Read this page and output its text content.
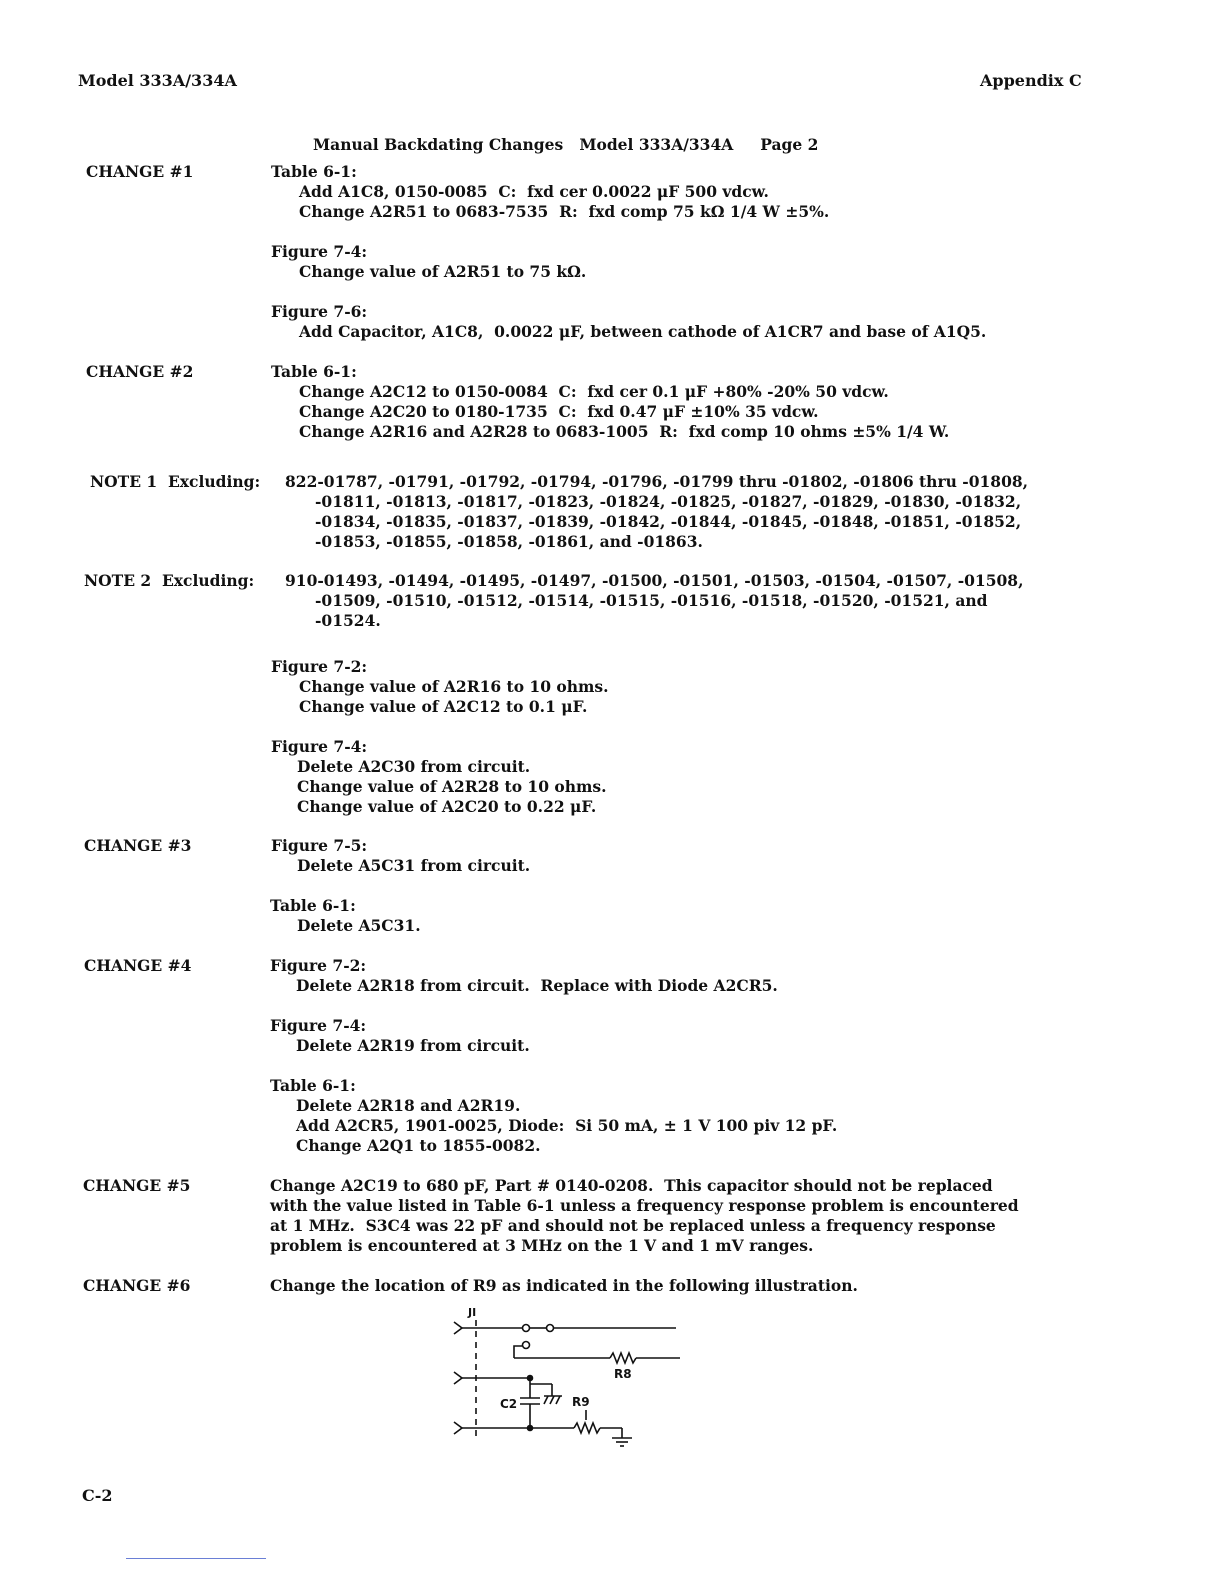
Model 333A/334A	Appendix C
Manual Backdating Changes   Model 333A/334A     Page 2
CHANGE #1	Table 6-1:
Add A1C8, 0150-0085  C:  fxd cer 0.0022 μF 500 vdcw.
Change A2R51 to 0683-7535  R:  fxd comp 75 kΩ 1/4 W ±5%.
Figure 7-4:
Change value of A2R51 to 75 kΩ.
Figure 7-6:
Add Capacitor, A1C8,  0.0022 μF, between cathode of A1CR7 and base of A1Q5.
CHANGE #2	Table 6-1:
Change A2C12 to 0150-0084  C:  fxd cer 0.1 μF +80% -20% 50 vdcw.
Change A2C20 to 0180-1735  C:  fxd 0.47 μF ±10% 35 vdcw.
Change A2R16 and A2R28 to 0683-1005  R:  fxd comp 10 ohms ±5% 1/4 W.
NOTE 1  Excluding: 822-01787, -01791, -01792, -01794, -01796, -01799 thru -01802, -01806 thru -01808,
-01811, -01813, -01817, -01823, -01824, -01825, -01827, -01829, -01830, -01832,
-01834, -01835, -01837, -01839, -01842, -01844, -01845, -01848, -01851, -01852,
-01853, -01855, -01858, -01861, and -01863.
NOTE 2  Excluding: 910-01493, -01494, -01495, -01497, -01500, -01501, -01503, -01504, -01507, -01508,
-01509, -01510, -01512, -01514, -01515, -01516, -01518, -01520, -01521, and
-01524.
Figure 7-2:
Change value of A2R16 to 10 ohms.
Change value of A2C12 to 0.1 μF.
Figure 7-4:
Delete A2C30 from circuit.
Change value of A2R28 to 10 ohms.
Change value of A2C20 to 0.22 μF.
CHANGE #3	Figure 7-5:
Delete A5C31 from circuit.
Table 6-1:
Delete A5C31.
CHANGE #4	Figure 7-2:
Delete A2R18 from circuit.  Replace with Diode A2CR5.
Figure 7-4:
Delete A2R19 from circuit.
Table 6-1:
Delete A2R18 and A2R19.
Add A2CR5, 1901-0025, Diode:  Si 50 mA, ± 1 V 100 piv 12 pF.
Change A2Q1 to 1855-0082.
CHANGE #5	Change A2C19 to 680 pF, Part # 0140-0208.  This capacitor should not be replaced
with the value listed in Table 6-1 unless a frequency response problem is encountered
at 1 MHz.  S3C4 was 22 pF and should not be replaced unless a frequency response
problem is encountered at 3 MHz on the 1 V and 1 mV ranges.
CHANGE #6	Change the location of R9 as indicated in the following illustration.
JI
R8
C2	R9
C-2
